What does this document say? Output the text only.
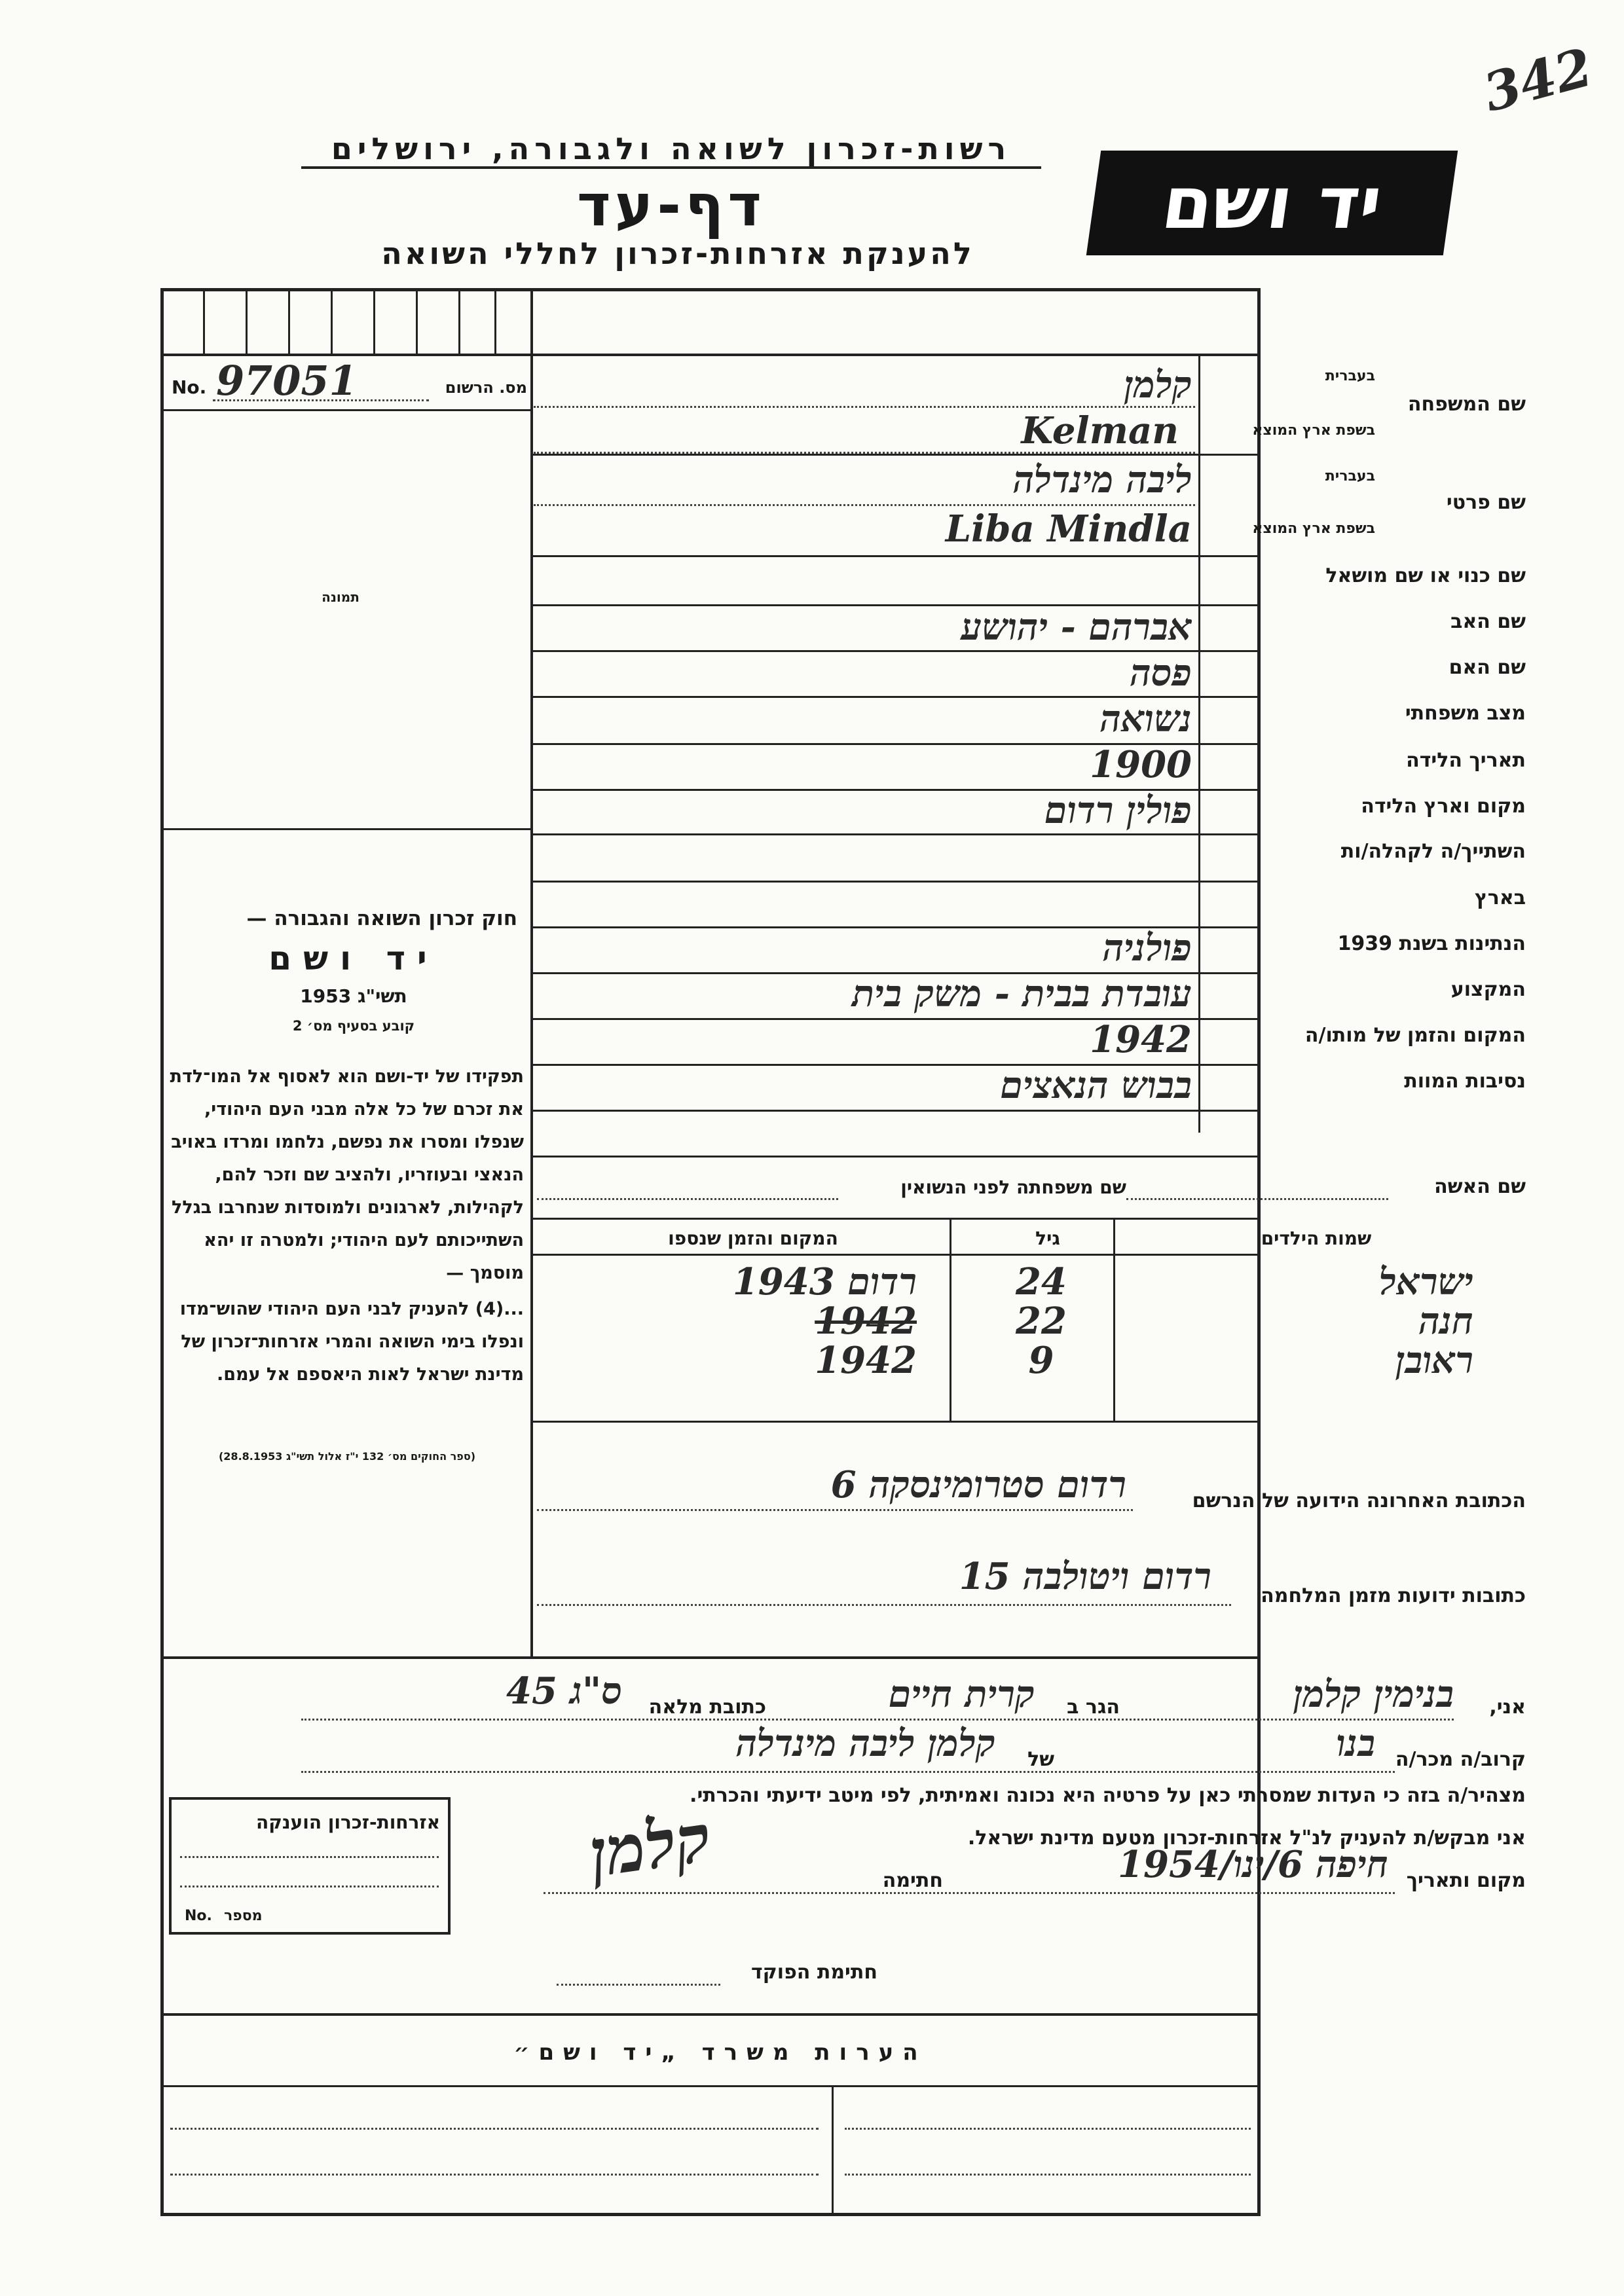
342
רשות-זכרון לשואה ולגבורה, ירושלים
דף-עד
להענקת אזרחות-זכרון לחללי השואה
יד ושם
No. 97051	מס. הרשום
תמונה
חוק זכרון השואה והגבורה —
יד ושם
תשי"ג 1953
קובע בסעיף מס׳ 2
תפקידו של יד-ושם הוא לאסוף אל המו־לדת את זכרם של כל אלה מבני העם היהודי, שנפלו ומסרו את נפשם, נלחמו ומרדו באויב הנאצי ובעוזריו, ולהציב שם וזכר להם, לקהילות, לארגונים ולמוסדות שנחרבו בגלל השתייכותם לעם היהודי; ולמטרה זו יהא מוסמך —
...(4) להעניק לבני העם היהודי שהוש־מדו ונפלו בימי השואה והמרי אזרחות־זכרון של מדינת ישראל לאות היאספם אל עמם.
(ספר החוקים מס׳ 132 י"ז אלול תשי"ג 28.8.1953)
שם המשפחה
בעברית
בשפת ארץ המוצא
שם פרטי
בעברית
בשפת ארץ המוצא
שם כנוי או שם מושאל
שם האב
שם האם
מצב משפחתי
תאריך הלידה
מקום וארץ הלידה
השתייך/ה לקהלה/ות
בארץ
הנתינות בשנת 1939
המקצוע
המקום והזמן של מותו/ה
נסיבות המוות
קלמן
Kelman
ליבה מינדלה
Liba Mindla
אברהם - יהושע
פסה
נשואה
1900
פולין רדום
פולניה
עובדת בבית - משק בית
1942
בבוש הנאצים
שם האשה
שם משפחתה לפני הנשואין
שמות הילדים
גיל
המקום והזמן שנספו
ישראל
24
רדום 1943
חנה
22
1942
ראובן
9
1942
הכתובת האחרונה הידועה של הנרשם
רדום סטרומינסקה 6
כתובות ידועות מזמן המלחמה
רדום ויטולבה 15
אני,
בנימין קלמן
הגר ב
קרית חיים
כתובת מלאה
ס"ג 45
קרוב/ה מכר/ה
בנו
של
קלמן ליבה מינדלה
מצהיר/ה בזה כי העדות שמסרתי כאן על פרטיה היא נכונה ואמיתית, לפי מיטב ידיעתי והכרתי.
אני מבקש/ת להעניק לנ"ל אזרחות-זכרון מטעם מדינת ישראל.
מקום ותאריך
חיפה 6/ינו/1954
חתימה
קלמן
חתימת הפוקד
אזרחות-זכרון הוענקה
No. מספר
הערות משרד „יד ושם״
